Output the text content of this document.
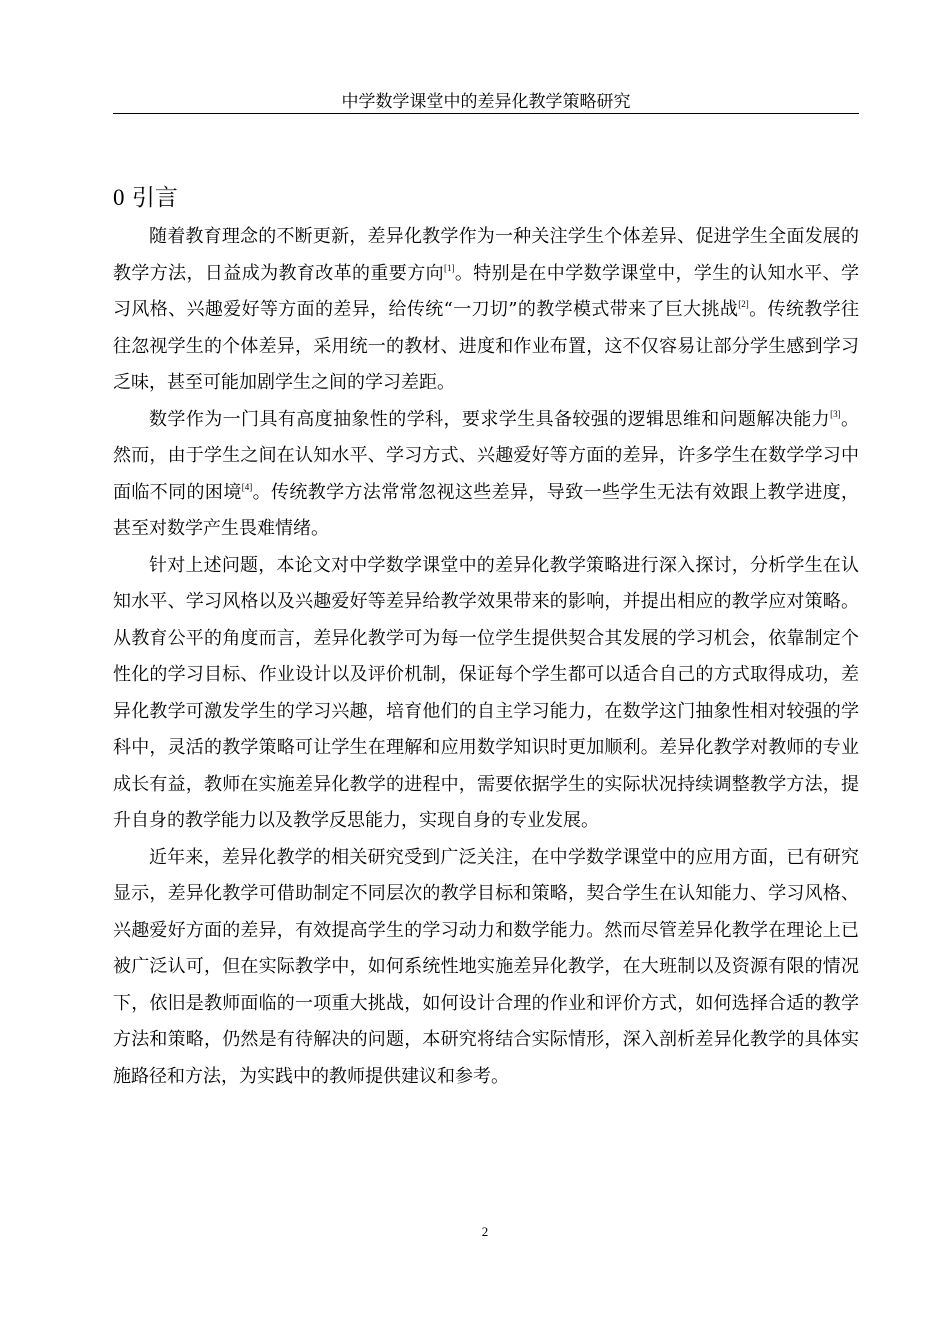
中学数学课堂中的差异化教学策略研究
0 引言

随着教育理念的不断更新，差异化教学作为一种关注学生个体差异、促进学生全面发展的教学方法，日益成为教育改革的重要方向[1]。特别是在中学数学课堂中，学生的认知水平、学习风格、兴趣爱好等方面的差异，给传统“一刀切”的教学模式带来了巨大挑战[2]。传统教学往往忽视学生的个体差异，采用统一的教材、进度和作业布置，这不仅容易让部分学生感到学习乏味，甚至可能加剧学生之间的学习差距。

数学作为一门具有高度抽象性的学科，要求学生具备较强的逻辑思维和问题解决能力[3]。然而，由于学生之间在认知水平、学习方式、兴趣爱好等方面的差异，许多学生在数学学习中面临不同的困境[4]。传统教学方法常常忽视这些差异，导致一些学生无法有效跟上教学进度，甚至对数学产生畏难情绪。

针对上述问题，本论文对中学数学课堂中的差异化教学策略进行深入探讨，分析学生在认知水平、学习风格以及兴趣爱好等差异给教学效果带来的影响，并提出相应的教学应对策略。从教育公平的角度而言，差异化教学可为每一位学生提供契合其发展的学习机会，依靠制定个性化的学习目标、作业设计以及评价机制，保证每个学生都可以适合自己的方式取得成功，差异化教学可激发学生的学习兴趣，培育他们的自主学习能力，在数学这门抽象性相对较强的学科中，灵活的教学策略可让学生在理解和应用数学知识时更加顺利。差异化教学对教师的专业成长有益，教师在实施差异化教学的进程中，需要依据学生的实际状况持续调整教学方法，提升自身的教学能力以及教学反思能力，实现自身的专业发展。

近年来，差异化教学的相关研究受到广泛关注，在中学数学课堂中的应用方面，已有研究显示，差异化教学可借助制定不同层次的教学目标和策略，契合学生在认知能力、学习风格、兴趣爱好方面的差异，有效提高学生的学习动力和数学能力。然而尽管差异化教学在理论上已被广泛认可，但在实际教学中，如何系统性地实施差异化教学，在大班制以及资源有限的情况下，依旧是教师面临的一项重大挑战，如何设计合理的作业和评价方式，如何选择合适的教学方法和策略，仍然是有待解决的问题，本研究将结合实际情形，深入剖析差异化教学的具体实施路径和方法，为实践中的教师提供建议和参考。

2
